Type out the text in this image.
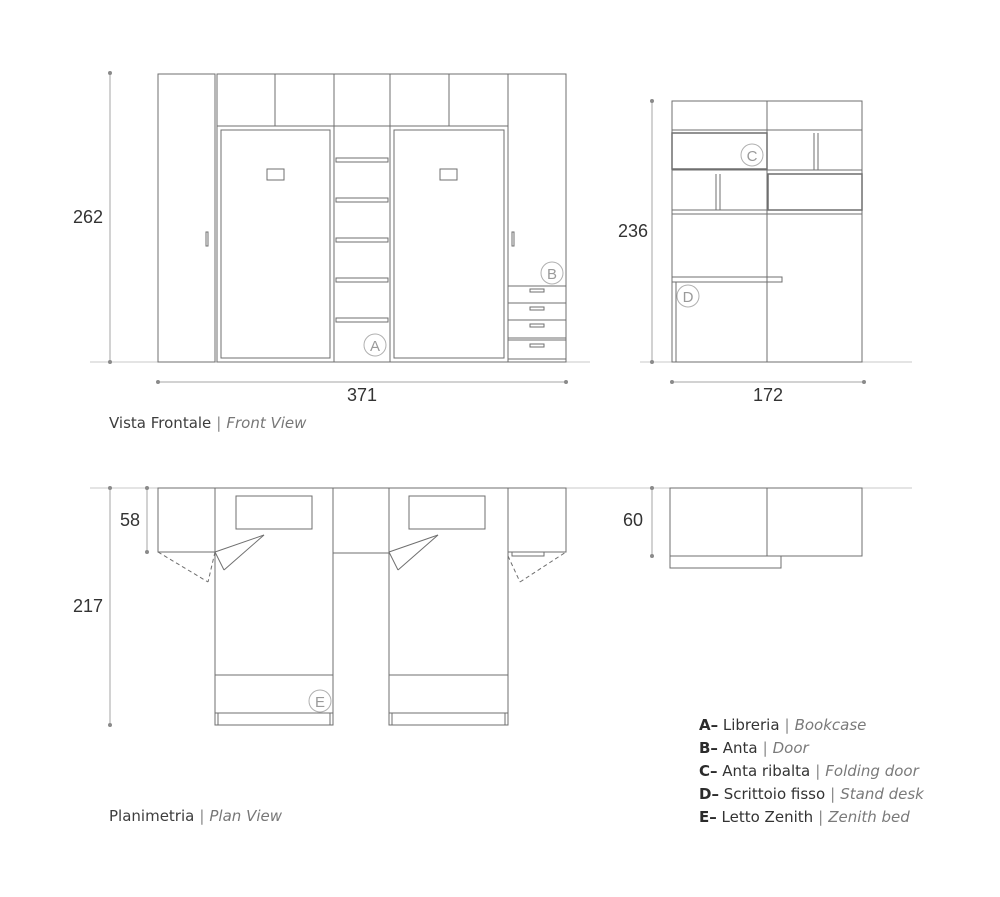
A
B
C
D
E
262
371
236
172
58
217
60
Vista Frontale | Front View
Planimetria | Plan View
A– Libreria | Bookcase
B– Anta | Door
C– Anta ribalta | Folding door
D– Scrittoio fisso | Stand desk
E– Letto Zenith | Zenith bed
